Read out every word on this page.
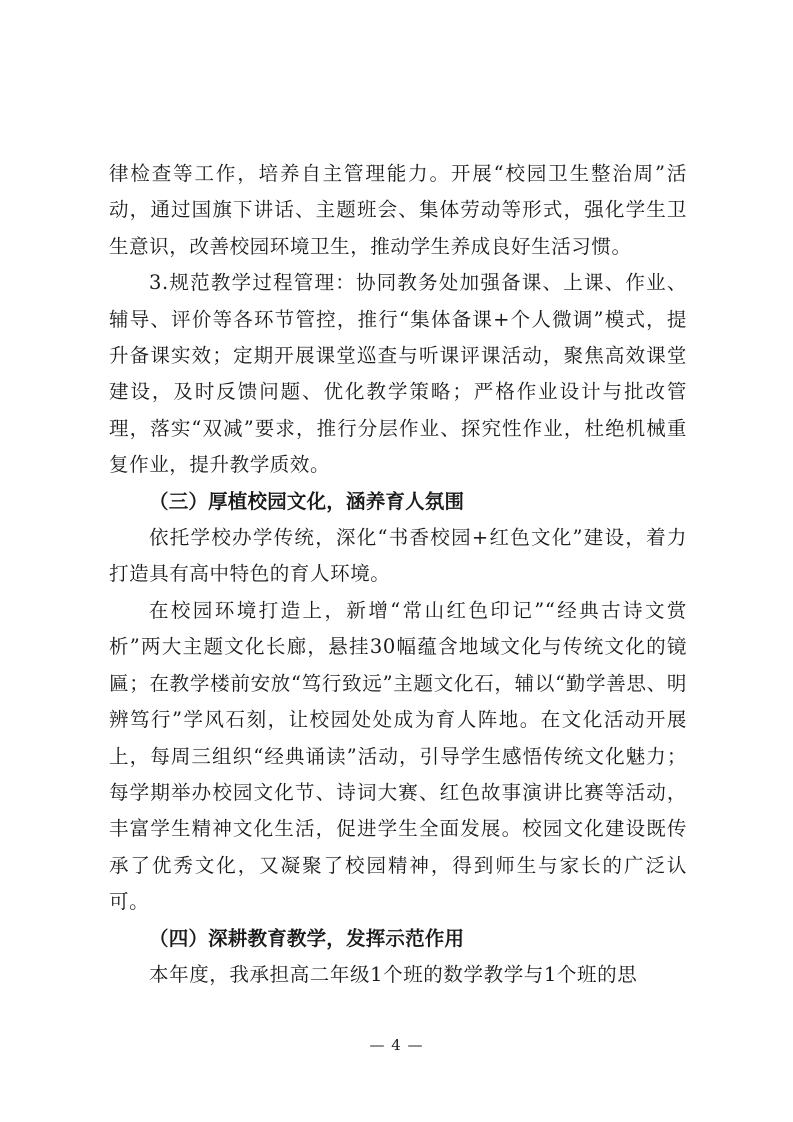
律检查等工作，培养自主管理能力。开展“校园卫生整治周”活动，通过国旗下讲话、主题班会、集体劳动等形式，强化学生卫生意识，改善校园环境卫生，推动学生养成良好生活习惯。

3.规范教学过程管理：协同教务处加强备课、上课、作业、辅导、评价等各环节管控，推行“集体备课+个人微调”模式，提升备课实效；定期开展课堂巡查与听课评课活动，聚焦高效课堂建设，及时反馈问题、优化教学策略；严格作业设计与批改管理，落实“双减”要求，推行分层作业、探究性作业，杜绝机械重复作业，提升教学质效。

（三）厚植校园文化，涵养育人氛围

依托学校办学传统，深化“书香校园+红色文化”建设，着力打造具有高中特色的育人环境。

在校园环境打造上，新增“常山红色印记”“经典古诗文赏析”两大主题文化长廊，悬挂30幅蕴含地域文化与传统文化的镜匾；在教学楼前安放“笃行致远”主题文化石，辅以“勤学善思、明辨笃行”学风石刻，让校园处处成为育人阵地。在文化活动开展上，每周三组织“经典诵读”活动，引导学生感悟传统文化魅力；每学期举办校园文化节、诗词大赛、红色故事演讲比赛等活动，丰富学生精神文化生活，促进学生全面发展。校园文化建设既传承了优秀文化，又凝聚了校园精神，得到师生与家长的广泛认可。

（四）深耕教育教学，发挥示范作用

本年度，我承担高二年级1个班的数学教学与1个班的思

— 4 —
